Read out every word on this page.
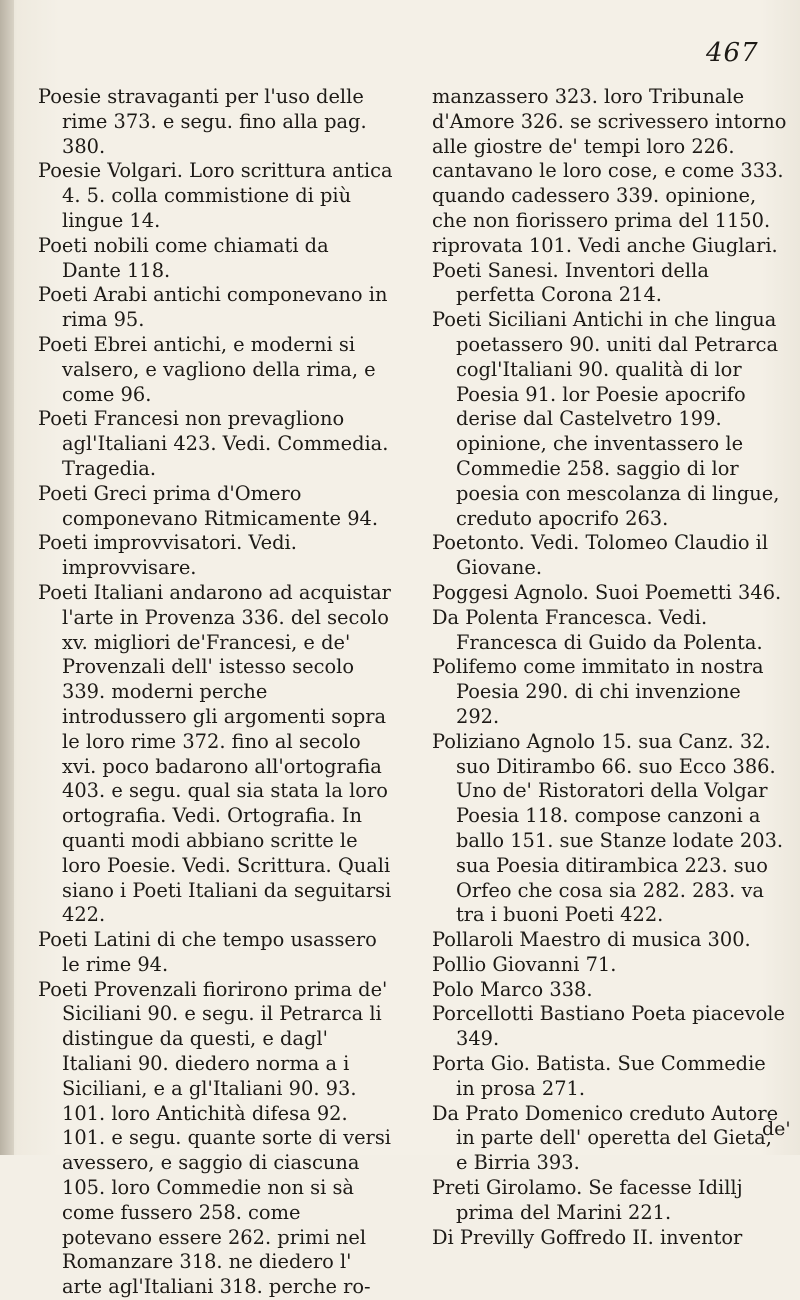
467

Poesie stravaganti per l'uso delle rime 373. e segu. fino alla pag. 380.

Poesie Volgari. Loro scrittura antica 4. 5. colla commistione di più lingue 14.

Poeti nobili come chiamati da Dante 118.

Poeti Arabi antichi componevano in rima 95.

Poeti Ebrei antichi, e moderni si valsero, e vagliono della rima, e come 96.

Poeti Francesi non prevagliono agl'Italiani 423. Vedi. Commedia. Tragedia.

Poeti Greci prima d'Omero componevano Ritmicamente 94.

Poeti improvvisatori. Vedi. improvvisare.

Poeti Italiani andarono ad acquistar l'arte in Provenza 336. del secolo xv. migliori de'Francesi, e de' Provenzali dell' istesso secolo 339. moderni perche introdussero gli argomenti sopra le loro rime 372. fino al secolo xvi. poco badarono all'ortografia 403. e segu. qual sia stata la loro ortografia. Vedi. Ortografia. In quanti modi abbiano scritte le loro Poesie. Vedi. Scrittura. Quali siano i Poeti Italiani da seguitarsi 422.

Poeti Latini di che tempo usassero le rime 94.

Poeti Provenzali fiorirono prima de' Siciliani 90. e segu. il Petrarca li distingue da questi, e dagl' Italiani 90. diedero norma a i Siciliani, e a gl'Italiani 90. 93. 101. loro Antichità difesa 92. 101. e segu. quante sorte di versi avessero, e saggio di ciascuna 105. loro Commedie non si sà come fussero 258. come potevano essere 262. primi nel Romanzare 318. ne diedero l' arte agl'Italiani 318. perche ro-

manzassero 323. loro Tribunale d'Amore 326. se scrivessero intorno alle giostre de' tempi loro 226. cantavano le loro cose, e come 333. quando cadessero 339. opinione, che non fiorissero prima del 1150. riprovata 101. Vedi anche Giuglari.

Poeti Sanesi. Inventori della perfetta Corona 214.

Poeti Siciliani Antichi in che lingua poetassero 90. uniti dal Petrarca cogl'Italiani 90. qualità di lor Poesia 91. lor Poesie apocrifo derise dal Castelvetro 199. opinione, che inventassero le Commedie 258. saggio di lor poesia con mescolanza di lingue, creduto apocrifo 263.

Poetonto. Vedi. Tolomeo Claudio il Giovane.

Poggesi Agnolo. Suoi Poemetti 346.

Da Polenta Francesca. Vedi. Francesca di Guido da Polenta.

Polifemo come immitato in nostra Poesia 290. di chi invenzione 292.

Poliziano Agnolo 15. sua Canz. 32. suo Ditirambo 66. suo Ecco 386. Uno de' Ristoratori della Volgar Poesia 118. compose canzoni a ballo 151. sue Stanze lodate 203. sua Poesia ditirambica 223. suo Orfeo che cosa sia 282. 283. va tra i buoni Poeti 422.

Pollaroli Maestro di musica 300.

Pollio Giovanni 71.

Polo Marco 338.

Porcellotti Bastiano Poeta piacevole 349.

Porta Gio. Batista. Sue Commedie in prosa 271.

Da Prato Domenico creduto Autore in parte dell' operetta del Gieta, e Birria 393.

Preti Girolamo. Se facesse Idillj prima del Marini 221.

Di Previlly Goffredo II. inventor

de'
